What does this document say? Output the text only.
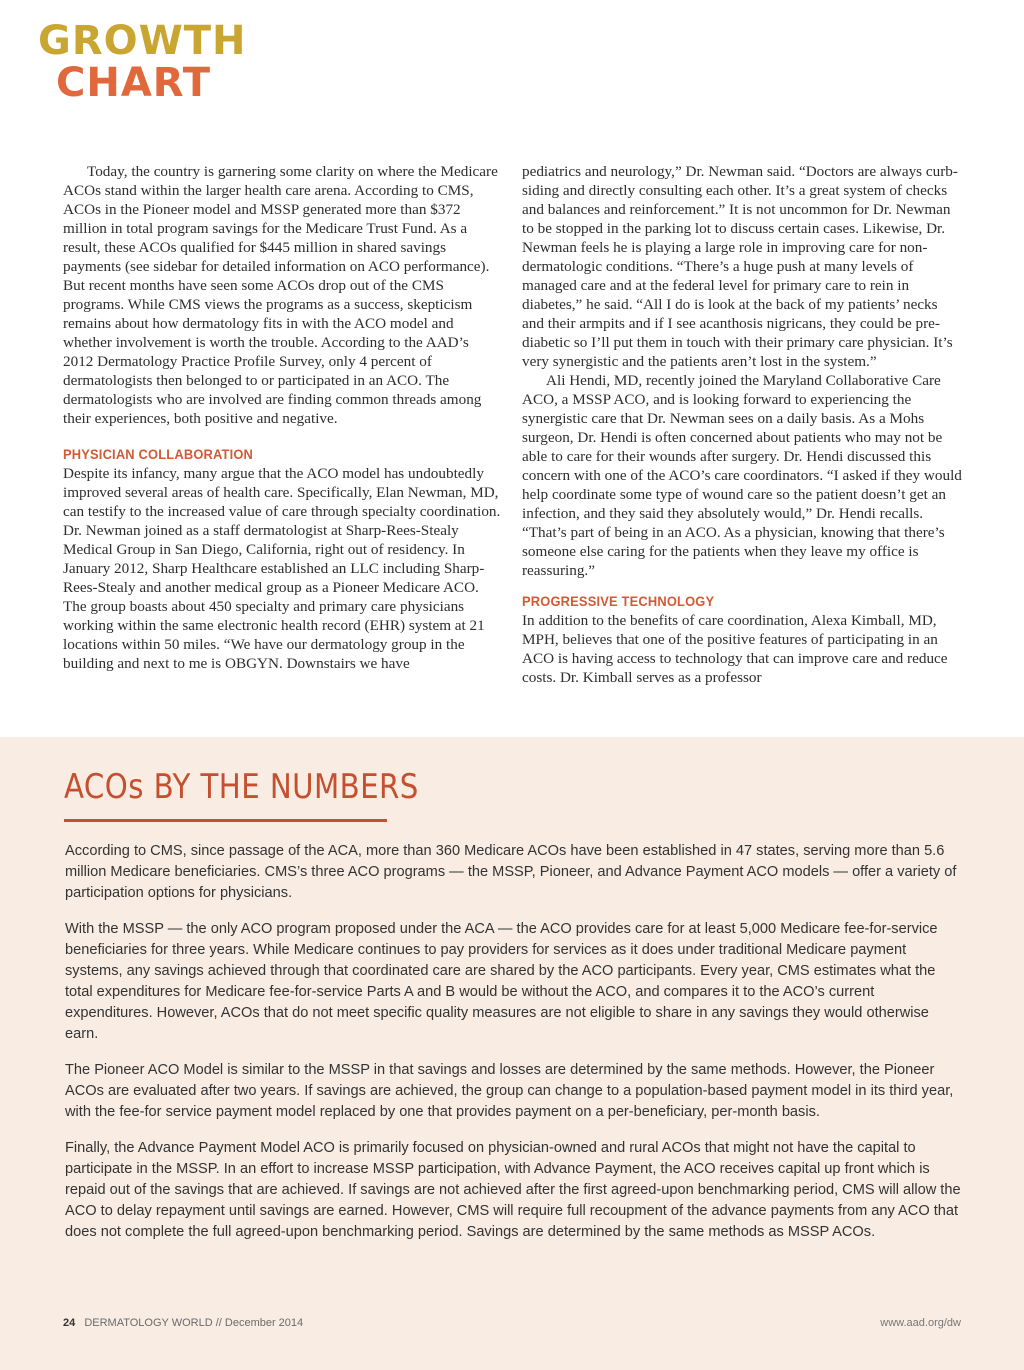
GROWTH
CHART

Today, the country is garnering some clarity on where the Medicare ACOs stand within the larger health care arena. According to CMS, ACOs in the Pioneer model and MSSP generated more than $372 million in total program savings for the Medicare Trust Fund. As a result, these ACOs qualified for $445 million in shared savings payments (see sidebar for detailed information on ACO performance). But recent months have seen some ACOs drop out of the CMS programs. While CMS views the programs as a success, skepticism remains about how dermatology fits in with the ACO model and whether involvement is worth the trouble. According to the AAD’s 2012 Dermatology Practice Profile Survey, only 4 percent of dermatologists then belonged to or participated in an ACO. The dermatologists who are involved are finding common threads among their experiences, both positive and negative.

PHYSICIAN COLLABORATION

Despite its infancy, many argue that the ACO model has undoubtedly improved several areas of health care. Specifically, Elan Newman, MD, can testify to the increased value of care through specialty coordination. Dr. Newman joined as a staff dermatologist at Sharp-Rees-Stealy Medical Group in San Diego, California, right out of residency. In January 2012, Sharp Healthcare established an LLC including Sharp-Rees-Stealy and another medical group as a Pioneer Medicare ACO. The group boasts about 450 specialty and primary care physicians working within the same electronic health record (EHR) system at 21 locations within 50 miles. “We have our dermatology group in the building and next to me is OBGYN. Downstairs we have

pediatrics and neurology,” Dr. Newman said. “Doctors are always curb-siding and directly consulting each other. It’s a great system of checks and balances and reinforcement.” It is not uncommon for Dr. Newman to be stopped in the parking lot to discuss certain cases. Likewise, Dr. Newman feels he is playing a large role in improving care for non-dermatologic conditions. “There’s a huge push at many levels of managed care and at the federal level for primary care to rein in diabetes,” he said. “All I do is look at the back of my patients’ necks and their armpits and if I see acanthosis nigricans, they could be pre-diabetic so I’ll put them in touch with their primary care physician. It’s very synergistic and the patients aren’t lost in the system.”

Ali Hendi, MD, recently joined the Maryland Collaborative Care ACO, a MSSP ACO, and is looking forward to experiencing the synergistic care that Dr. Newman sees on a daily basis. As a Mohs surgeon, Dr. Hendi is often concerned about patients who may not be able to care for their wounds after surgery. Dr. Hendi discussed this concern with one of the ACO’s care coordinators. “I asked if they would help coordinate some type of wound care so the patient doesn’t get an infection, and they said they absolutely would,” Dr. Hendi recalls. “That’s part of being in an ACO. As a physician, knowing that there’s someone else caring for the patients when they leave my office is reassuring.”

PROGRESSIVE TECHNOLOGY

In addition to the benefits of care coordination, Alexa Kimball, MD, MPH, believes that one of the positive features of participating in an ACO is having access to technology that can improve care and reduce costs. Dr. Kimball serves as a professor

ACOs BY THE NUMBERS

According to CMS, since passage of the ACA, more than 360 Medicare ACOs have been established in 47 states, serving more than 5.6 million Medicare beneficiaries. CMS’s three ACO programs — the MSSP, Pioneer, and Advance Payment ACO models — offer a variety of participation options for physicians.

With the MSSP — the only ACO program proposed under the ACA — the ACO provides care for at least 5,000 Medicare fee-for-service beneficiaries for three years. While Medicare continues to pay providers for services as it does under traditional Medicare payment systems, any savings achieved through that coordinated care are shared by the ACO participants. Every year, CMS estimates what the total expenditures for Medicare fee-for-service Parts A and B would be without the ACO, and compares it to the ACO’s current expenditures. However, ACOs that do not meet specific quality measures are not eligible to share in any savings they would otherwise earn.

The Pioneer ACO Model is similar to the MSSP in that savings and losses are determined by the same methods. However, the Pioneer ACOs are evaluated after two years. If savings are achieved, the group can change to a population-based payment model in its third year, with the fee-for service payment model replaced by one that provides payment on a per-beneficiary, per-month basis.

Finally, the Advance Payment Model ACO is primarily focused on physician-owned and rural ACOs that might not have the capital to participate in the MSSP. In an effort to increase MSSP participation, with Advance Payment, the ACO receives capital up front which is repaid out of the savings that are achieved. If savings are not achieved after the first agreed-upon benchmarking period, CMS will allow the ACO to delay repayment until savings are earned. However, CMS will require full recoupment of the advance payments from any ACO that does not complete the full agreed-upon benchmarking period. Savings are determined by the same methods as MSSP ACOs.

24 DERMATOLOGY WORLD // December 2014	www.aad.org/dw
